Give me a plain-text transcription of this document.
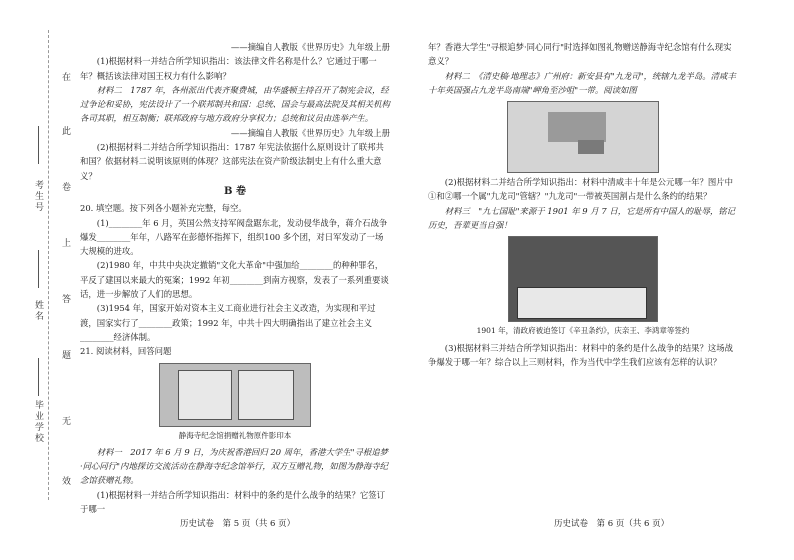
在
此
卷
上
答
题
无
效
考生号
姓名
毕业学校

——摘编自人教版《世界历史》九年级上册

(1)根据材料一并结合所学知识指出：该法律文件名称是什么？它通过于哪一年？概括该法律对国王权力有什么影响？

材料二　1787 年，各州派出代表齐聚费城，由华盛顿主持召开了制宪会议，经过争论和妥协，宪法设计了一个联邦制共和国：总统、国会与最高法院及其相关机构各司其职，相互制衡；联邦政府与地方政府分享权力；总统和议员由选举产生。

——摘编自人教版《世界历史》九年级上册

(2)根据材料二并结合所学知识指出：1787 年宪法依据什么原则设计了联邦共和国？依据材料二说明该原则的体现？这部宪法在资产阶级法制史上有什么重大意义？

B 卷

20. 填空题。按下列各小题补充完整，每空。

(1)________年 6 月，英国公然支持军阀盘踞东北，发动侵华战争，蒋介石战争爆发________年年，八路军在彭德怀指挥下，组织100 多个团，对日军发动了一场大规模的进攻。

(2)1980 年，中共中央决定撤销"文化大革命"中强加给________的种种罪名，平反了建国以来最大的冤案；1992 年初________到南方视察，发表了一系列重要谈话，进一步解放了人们的思想。

(3)1954 年，国家开始对资本主义工商业进行社会主义改造，为实现和平过渡，国家实行了________政策；1992 年，中共十四大明确指出了建立社会主义________经济体制。

21. 阅读材料，回答问题

静海寺纪念馆捐赠礼物原件影印本

材料一　2017 年 6 月 9 日，为庆祝香港回归 20 周年，香港大学生"寻根追梦·同心同行"内地探访交流活动在静海寺纪念馆举行，双方互赠礼物，如图为静海寺纪念馆获赠礼物。

(1)根据材料一并结合所学知识指出：材料中的条约是什么战争的结果？它签订于哪一

年？香港大学生"寻根追梦·同心同行"时选择如图礼物赠送静海寺纪念馆有什么现实意义？

材料二　《清史稿·地理志》广州府：新安县有"九龙司"，统辖九龙半岛。清咸丰十年英国强占九龙半岛南端"岬角至沙咀"一带。阅读如图

(2)根据材料二并结合所学知识指出：材料中清咸丰十年是公元哪一年？图片中①和②哪一个属"九龙司"管辖？"九龙司"一带被英国割占是什么条约的结果？

材料三　"九七国耻"来源于 1901 年 9 月 7 日，它是所有中国人的耻辱，铭记历史，吾辈更当自强！

1901 年，清政府被迫签订《辛丑条约》，庆亲王、李鸿章等签约

(3)根据材料三并结合所学知识指出：材料中的条约是什么战争的结果？这场战争爆发于哪一年？综合以上三则材料，作为当代中学生我们应该有怎样的认识？

历史试卷　第 5 页（共 6 页）	历史试卷　第 6 页（共 6 页）
